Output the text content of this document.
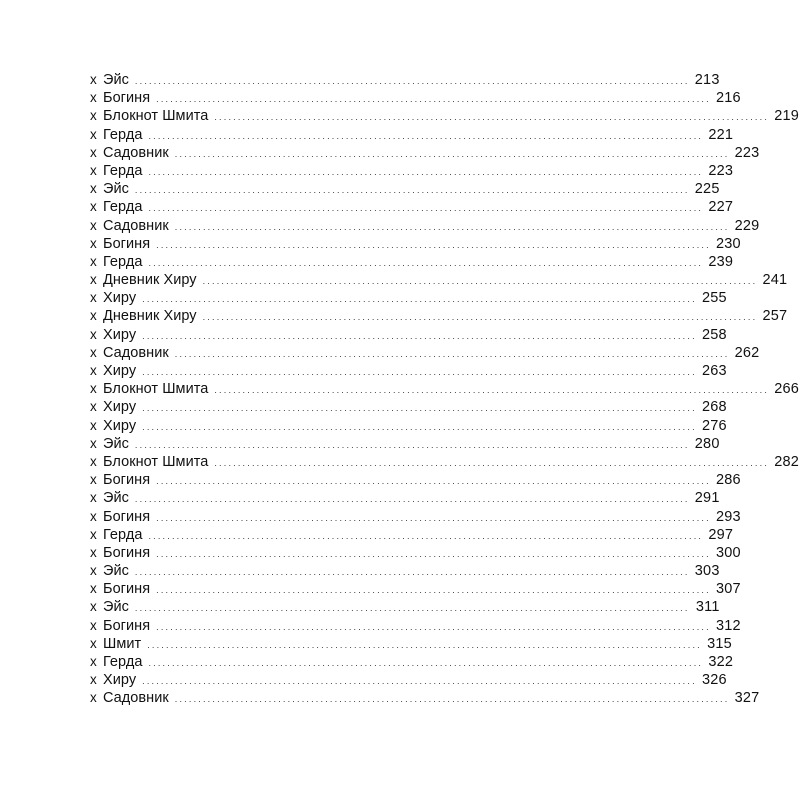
x Эйс ...................................................................................................................... 213
x Богиня ...................................................................................................................... 216
x Блокнот Шмита ...................................................................................................................... 219
x Герда ...................................................................................................................... 221
x Садовник ...................................................................................................................... 223
x Герда ...................................................................................................................... 223
x Эйс ...................................................................................................................... 225
x Герда ...................................................................................................................... 227
x Садовник ...................................................................................................................... 229
x Богиня ...................................................................................................................... 230
x Герда ...................................................................................................................... 239
x Дневник Хиру ...................................................................................................................... 241
x Хиру ...................................................................................................................... 255
x Дневник Хиру ...................................................................................................................... 257
x Хиру ...................................................................................................................... 258
x Садовник ...................................................................................................................... 262
x Хиру ...................................................................................................................... 263
x Блокнот Шмита ...................................................................................................................... 266
x Хиру ...................................................................................................................... 268
x Хиру ...................................................................................................................... 276
x Эйс ...................................................................................................................... 280
x Блокнот Шмита ...................................................................................................................... 282
x Богиня ...................................................................................................................... 286
x Эйс ...................................................................................................................... 291
x Богиня ...................................................................................................................... 293
x Герда ...................................................................................................................... 297
x Богиня ...................................................................................................................... 300
x Эйс ...................................................................................................................... 303
x Богиня ...................................................................................................................... 307
x Эйс ...................................................................................................................... 311
x Богиня ...................................................................................................................... 312
x Шмит ...................................................................................................................... 315
x Герда ...................................................................................................................... 322
x Хиру ...................................................................................................................... 326
x Садовник ...................................................................................................................... 327
